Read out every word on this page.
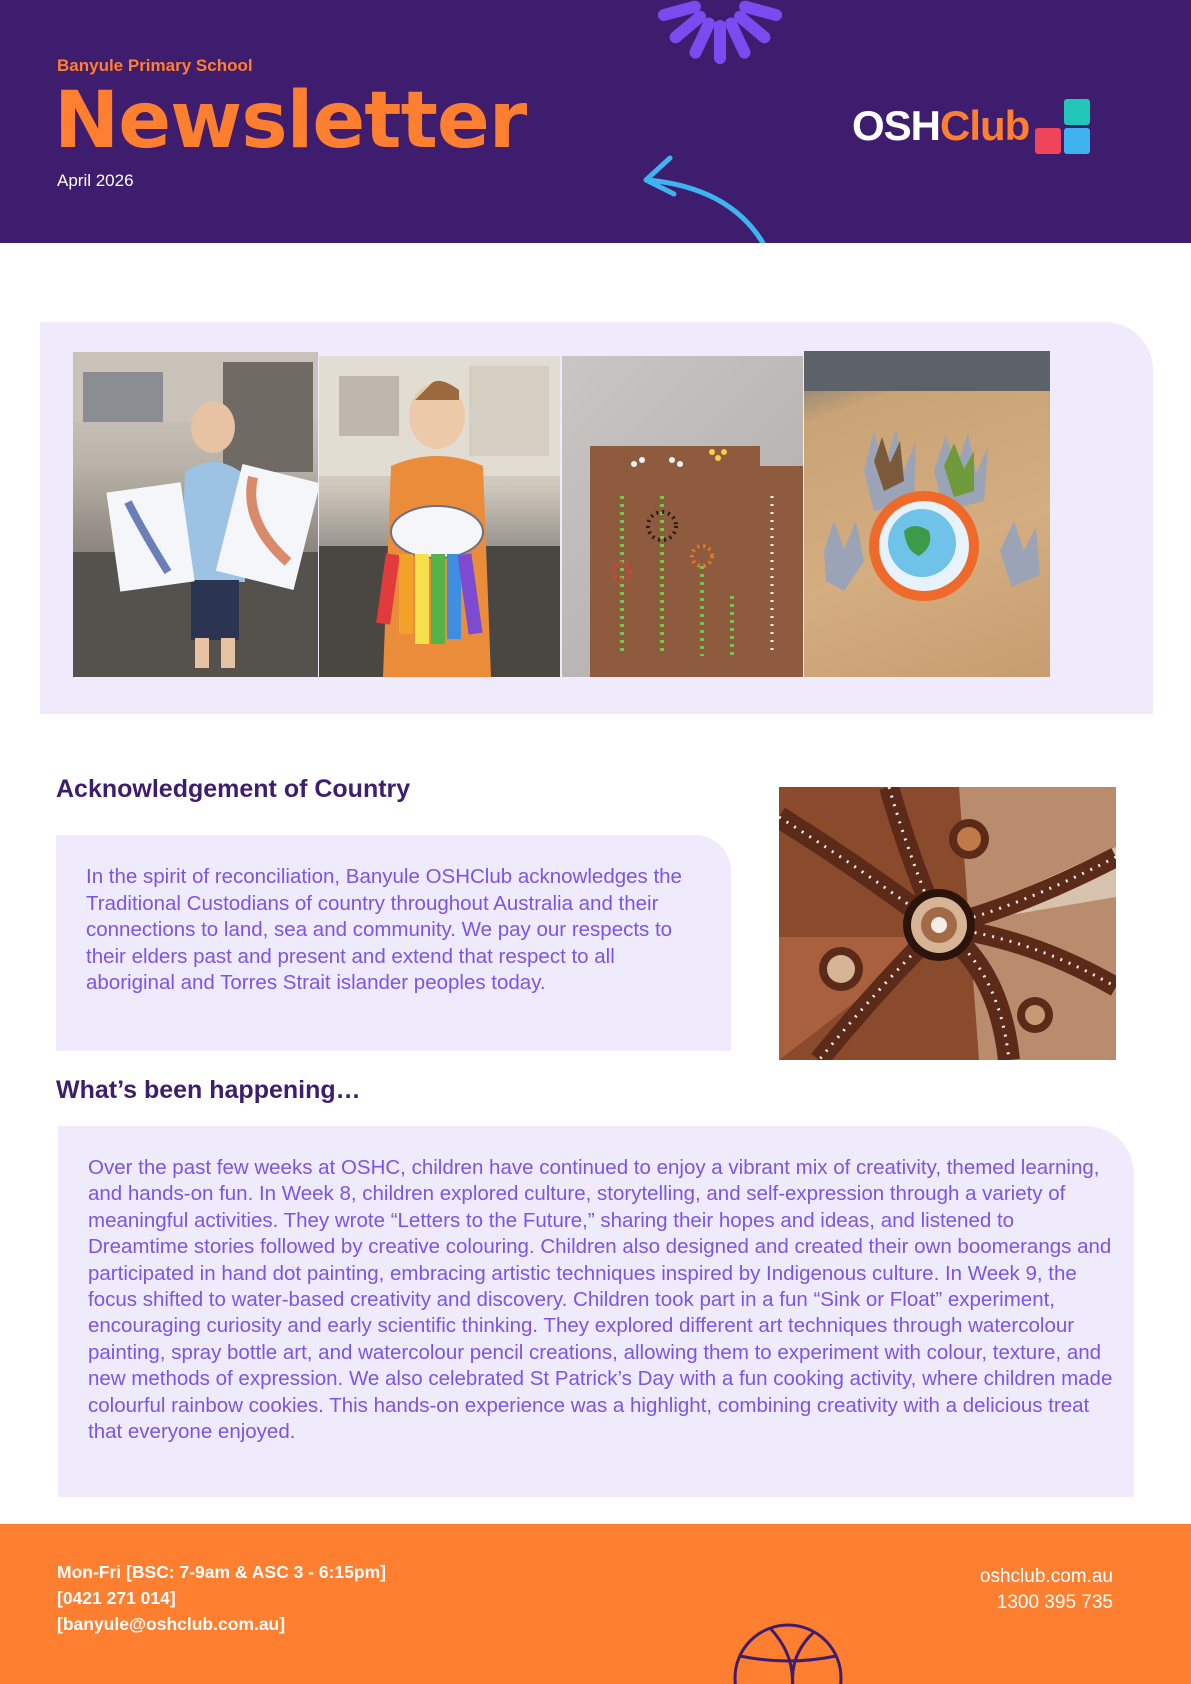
Banyule Primary School
Newsletter
April 2026
OSH Club
Acknowledgement of Country
In the spirit of reconciliation, Banyule OSHClub acknowledges the Traditional Custodians of country throughout Australia and their connections to land, sea and community. We pay our respects to their elders past and present and extend that respect to all aboriginal and Torres Strait islander peoples today.
What’s been happening…
Over the past few weeks at OSHC, children have continued to enjoy a vibrant mix of creativity, themed learning, and hands-on fun. In Week 8, children explored culture, storytelling, and self-expression through a variety of meaningful activities. They wrote “Letters to the Future,” sharing their hopes and ideas, and listened to Dreamtime stories followed by creative colouring. Children also designed and created their own boomerangs and participated in hand dot painting, embracing artistic techniques inspired by Indigenous culture. In Week 9, the focus shifted to water-based creativity and discovery. Children took part in a fun “Sink or Float” experiment, encouraging curiosity and early scientific thinking. They explored different art techniques through watercolour painting, spray bottle art, and watercolour pencil creations, allowing them to experiment with colour, texture, and new methods of expression. We also celebrated St Patrick’s Day with a fun cooking activity, where children made colourful rainbow cookies. This hands-on experience was a highlight, combining creativity with a delicious treat that everyone enjoyed.
Mon-Fri [BSC: 7-9am & ASC 3 - 6:15pm]
[0421 271 014]
[banyule@oshclub.com.au]
oshclub.com.au
1300 395 735
